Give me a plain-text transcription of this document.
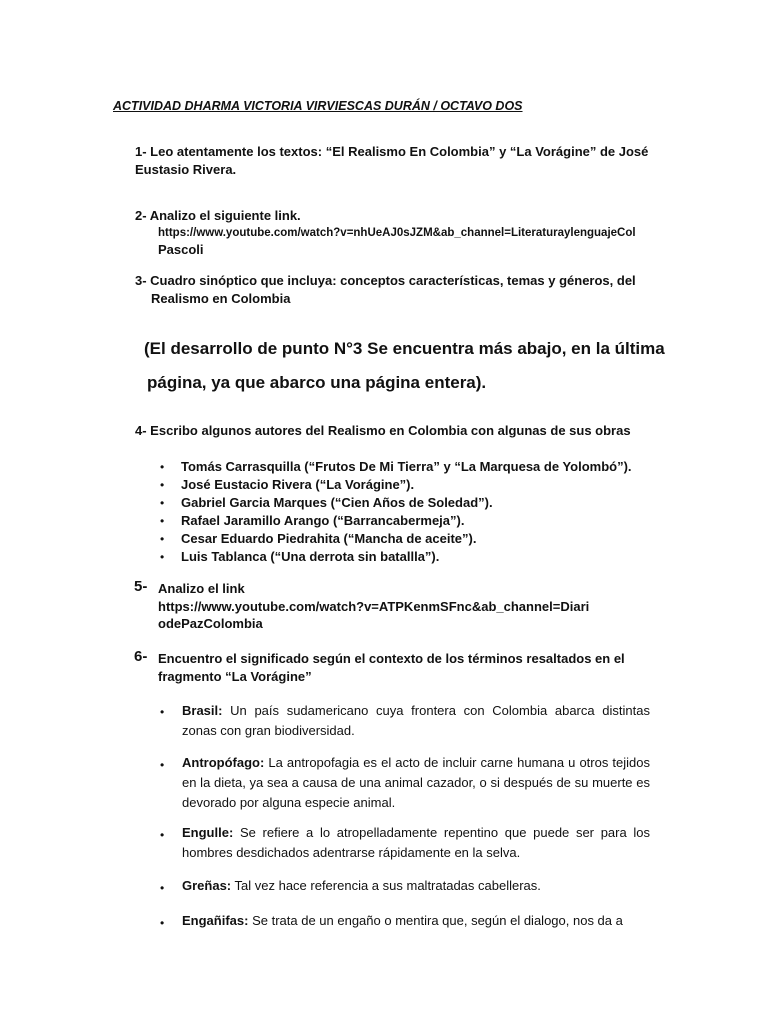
ACTIVIDAD DHARMA VICTORIA VIRVIESCAS DURÁN / OCTAVO DOS
1- Leo atentamente los textos: “El Realismo En Colombia” y “La Vorágine” de José
Eustasio Rivera.
2- Analizo el siguiente link.
https://www.youtube.com/watch?v=nhUeAJ0sJZM&ab_channel=LiteraturaylenguajeCol
Pascoli
3- Cuadro sinóptico que incluya: conceptos características, temas y géneros, del
Realismo en Colombia
(El desarrollo de punto N°3 Se encuentra más abajo, en la última
página, ya que abarco una página entera).
4- Escribo algunos autores del Realismo en Colombia con algunas de sus obras
• Tomás Carrasquilla (“Frutos De Mi Tierra” y “La Marquesa de Yolombó”).
• José Eustacio Rivera (“La Vorágine”).
• Gabriel Garcia Marques (“Cien Años de Soledad”).
• Rafael Jaramillo Arango (“Barrancabermeja”).
• Cesar Eduardo Piedrahita (“Mancha de aceite”).
• Luis Tablanca (“Una derrota sin batallla”).
5- Analizo el link
https://www.youtube.com/watch?v=ATPKenmSFnc&ab_channel=Diari
odePazColombia
6- Encuentro el significado según el contexto de los términos resaltados en el
fragmento “La Vorágine”
• Brasil: Un país sudamericano cuya frontera con Colombia abarca distintas zonas con gran biodiversidad.
• Antropófago: La antropofagia es el acto de incluir carne humana u otros tejidos en la dieta, ya sea a causa de una animal cazador, o si después de su muerte es devorado por alguna especie animal.
• Engulle: Se refiere a lo atropelladamente repentino que puede ser para los hombres desdichados adentrarse rápidamente en la selva.
• Greñas: Tal vez hace referencia a sus maltratadas cabelleras.
• Engañifas: Se trata de un engaño o mentira que, según el dialogo, nos da a
